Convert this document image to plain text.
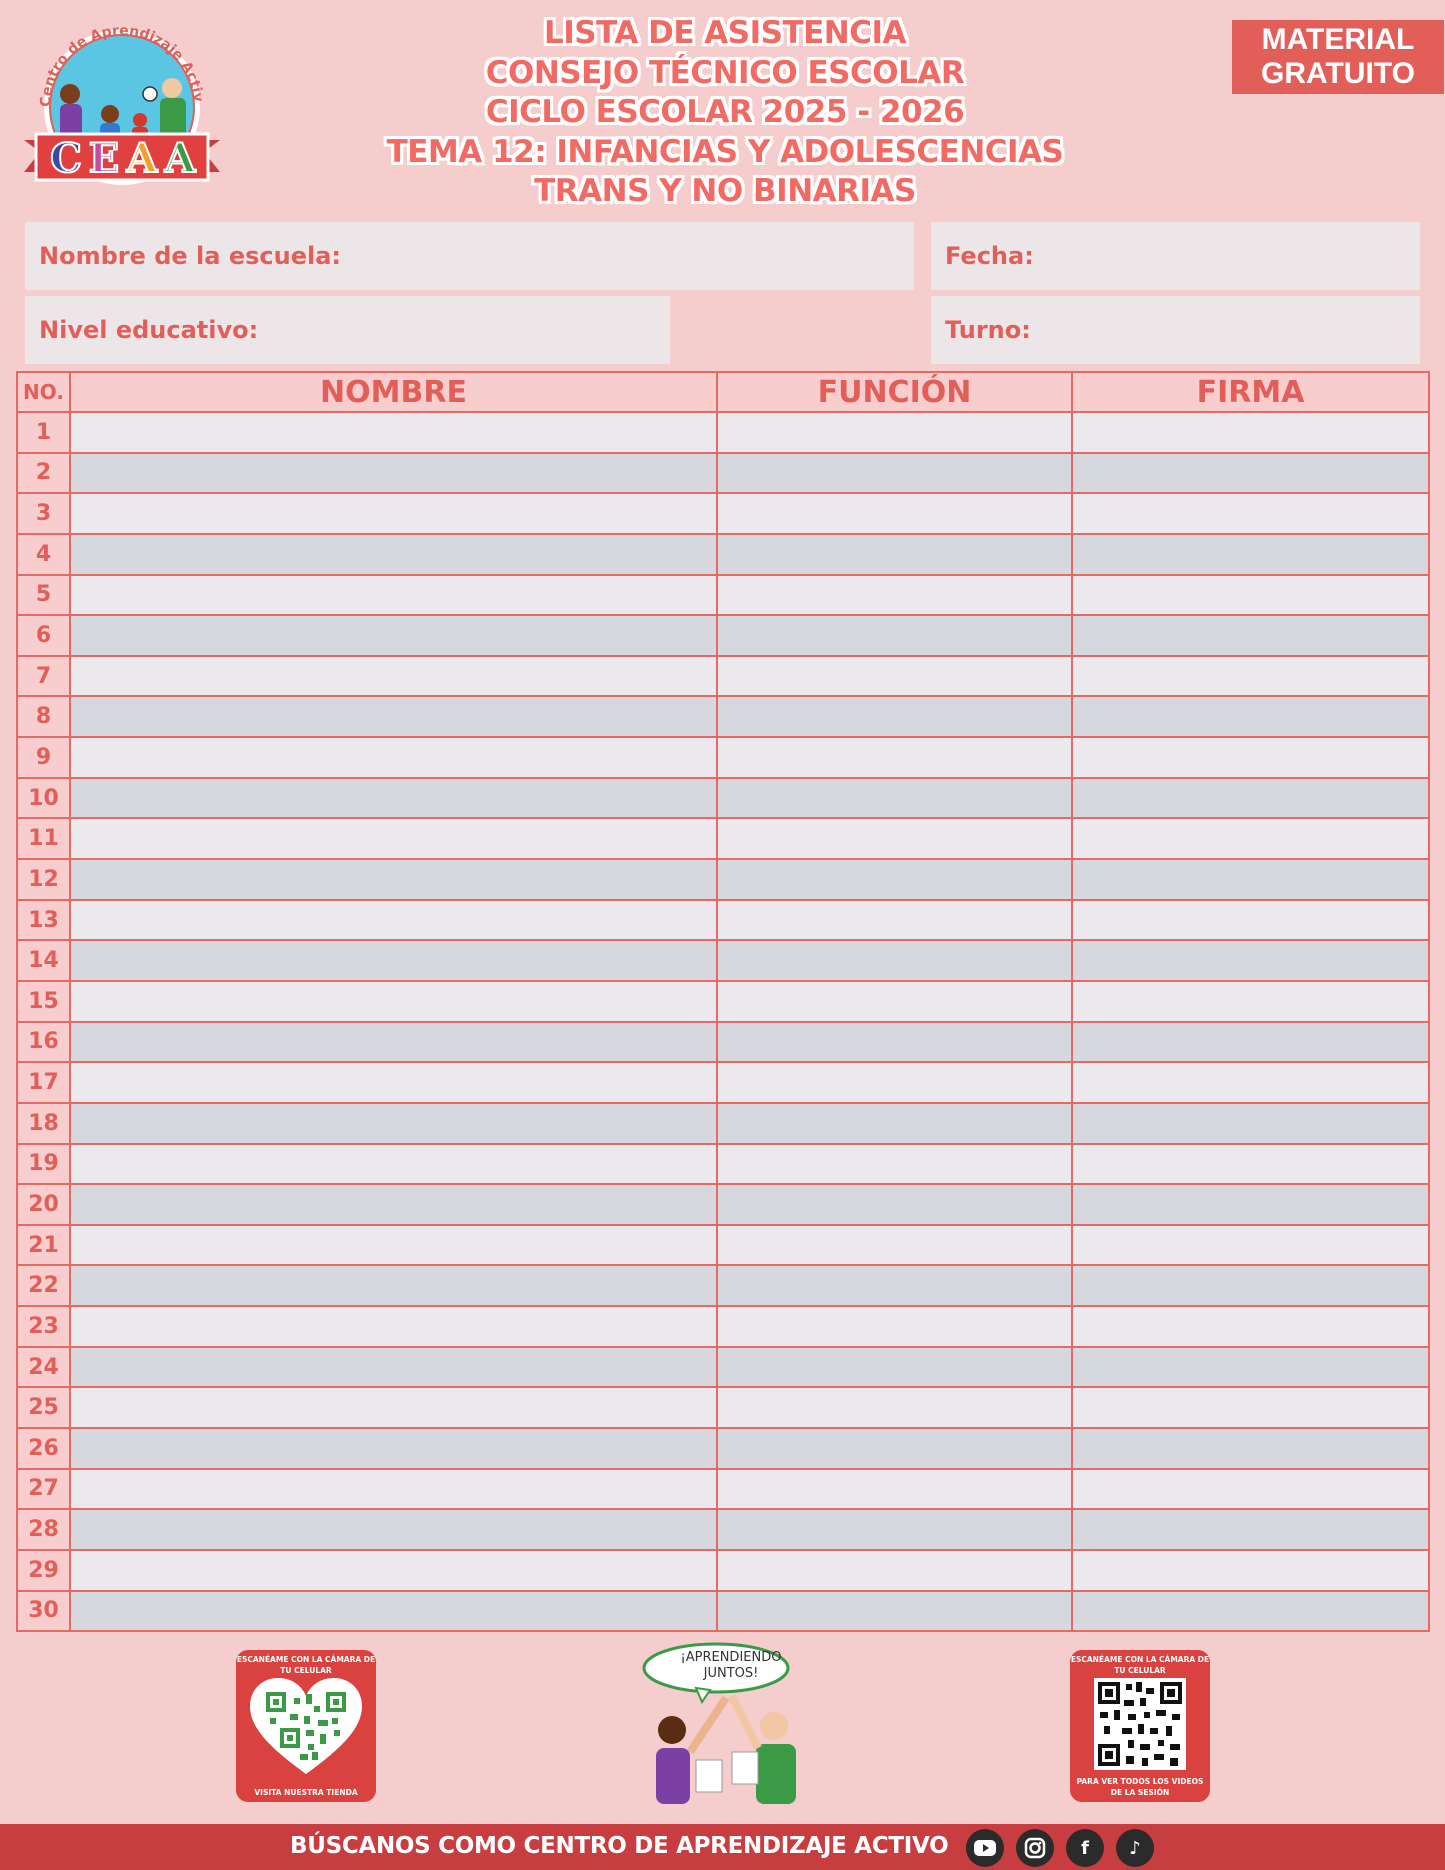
Centro de Aprendizaje Activ
C E A A
LISTA DE ASISTENCIA
CONSEJO TÉCNICO ESCOLAR
CICLO ESCOLAR 2025 - 2026
TEMA 12: INFANCIAS Y ADOLESCENCIAS
TRANS Y NO BINARIAS
MATERIAL
GRATUITO
Nombre de la escuela:	Fecha:
Nivel educativo:	Turno:
NO.	NOMBRE	FUNCIÓN	FIRMA
1			
2			
3			
4			
5			
6			
7			
8			
9			
10			
11			
12			
13			
14			
15			
16			
17			
18			
19			
20			
21			
22			
23			
24			
25			
26			
27			
28			
29			
30			
ESCANÉAME CON LA CÁMARA DE TU CELULAR
VISITA NUESTRA TIENDA
ESCANÉAME CON LA CÁMARA DE TU CELULAR
PARA VER TODOS LOS VIDEOS DE LA SESIÓN
¡APRENDIENDO JUNTOS!
BÚSCANOS COMO CENTRO DE APRENDIZAJE ACTIVO	f	♪
